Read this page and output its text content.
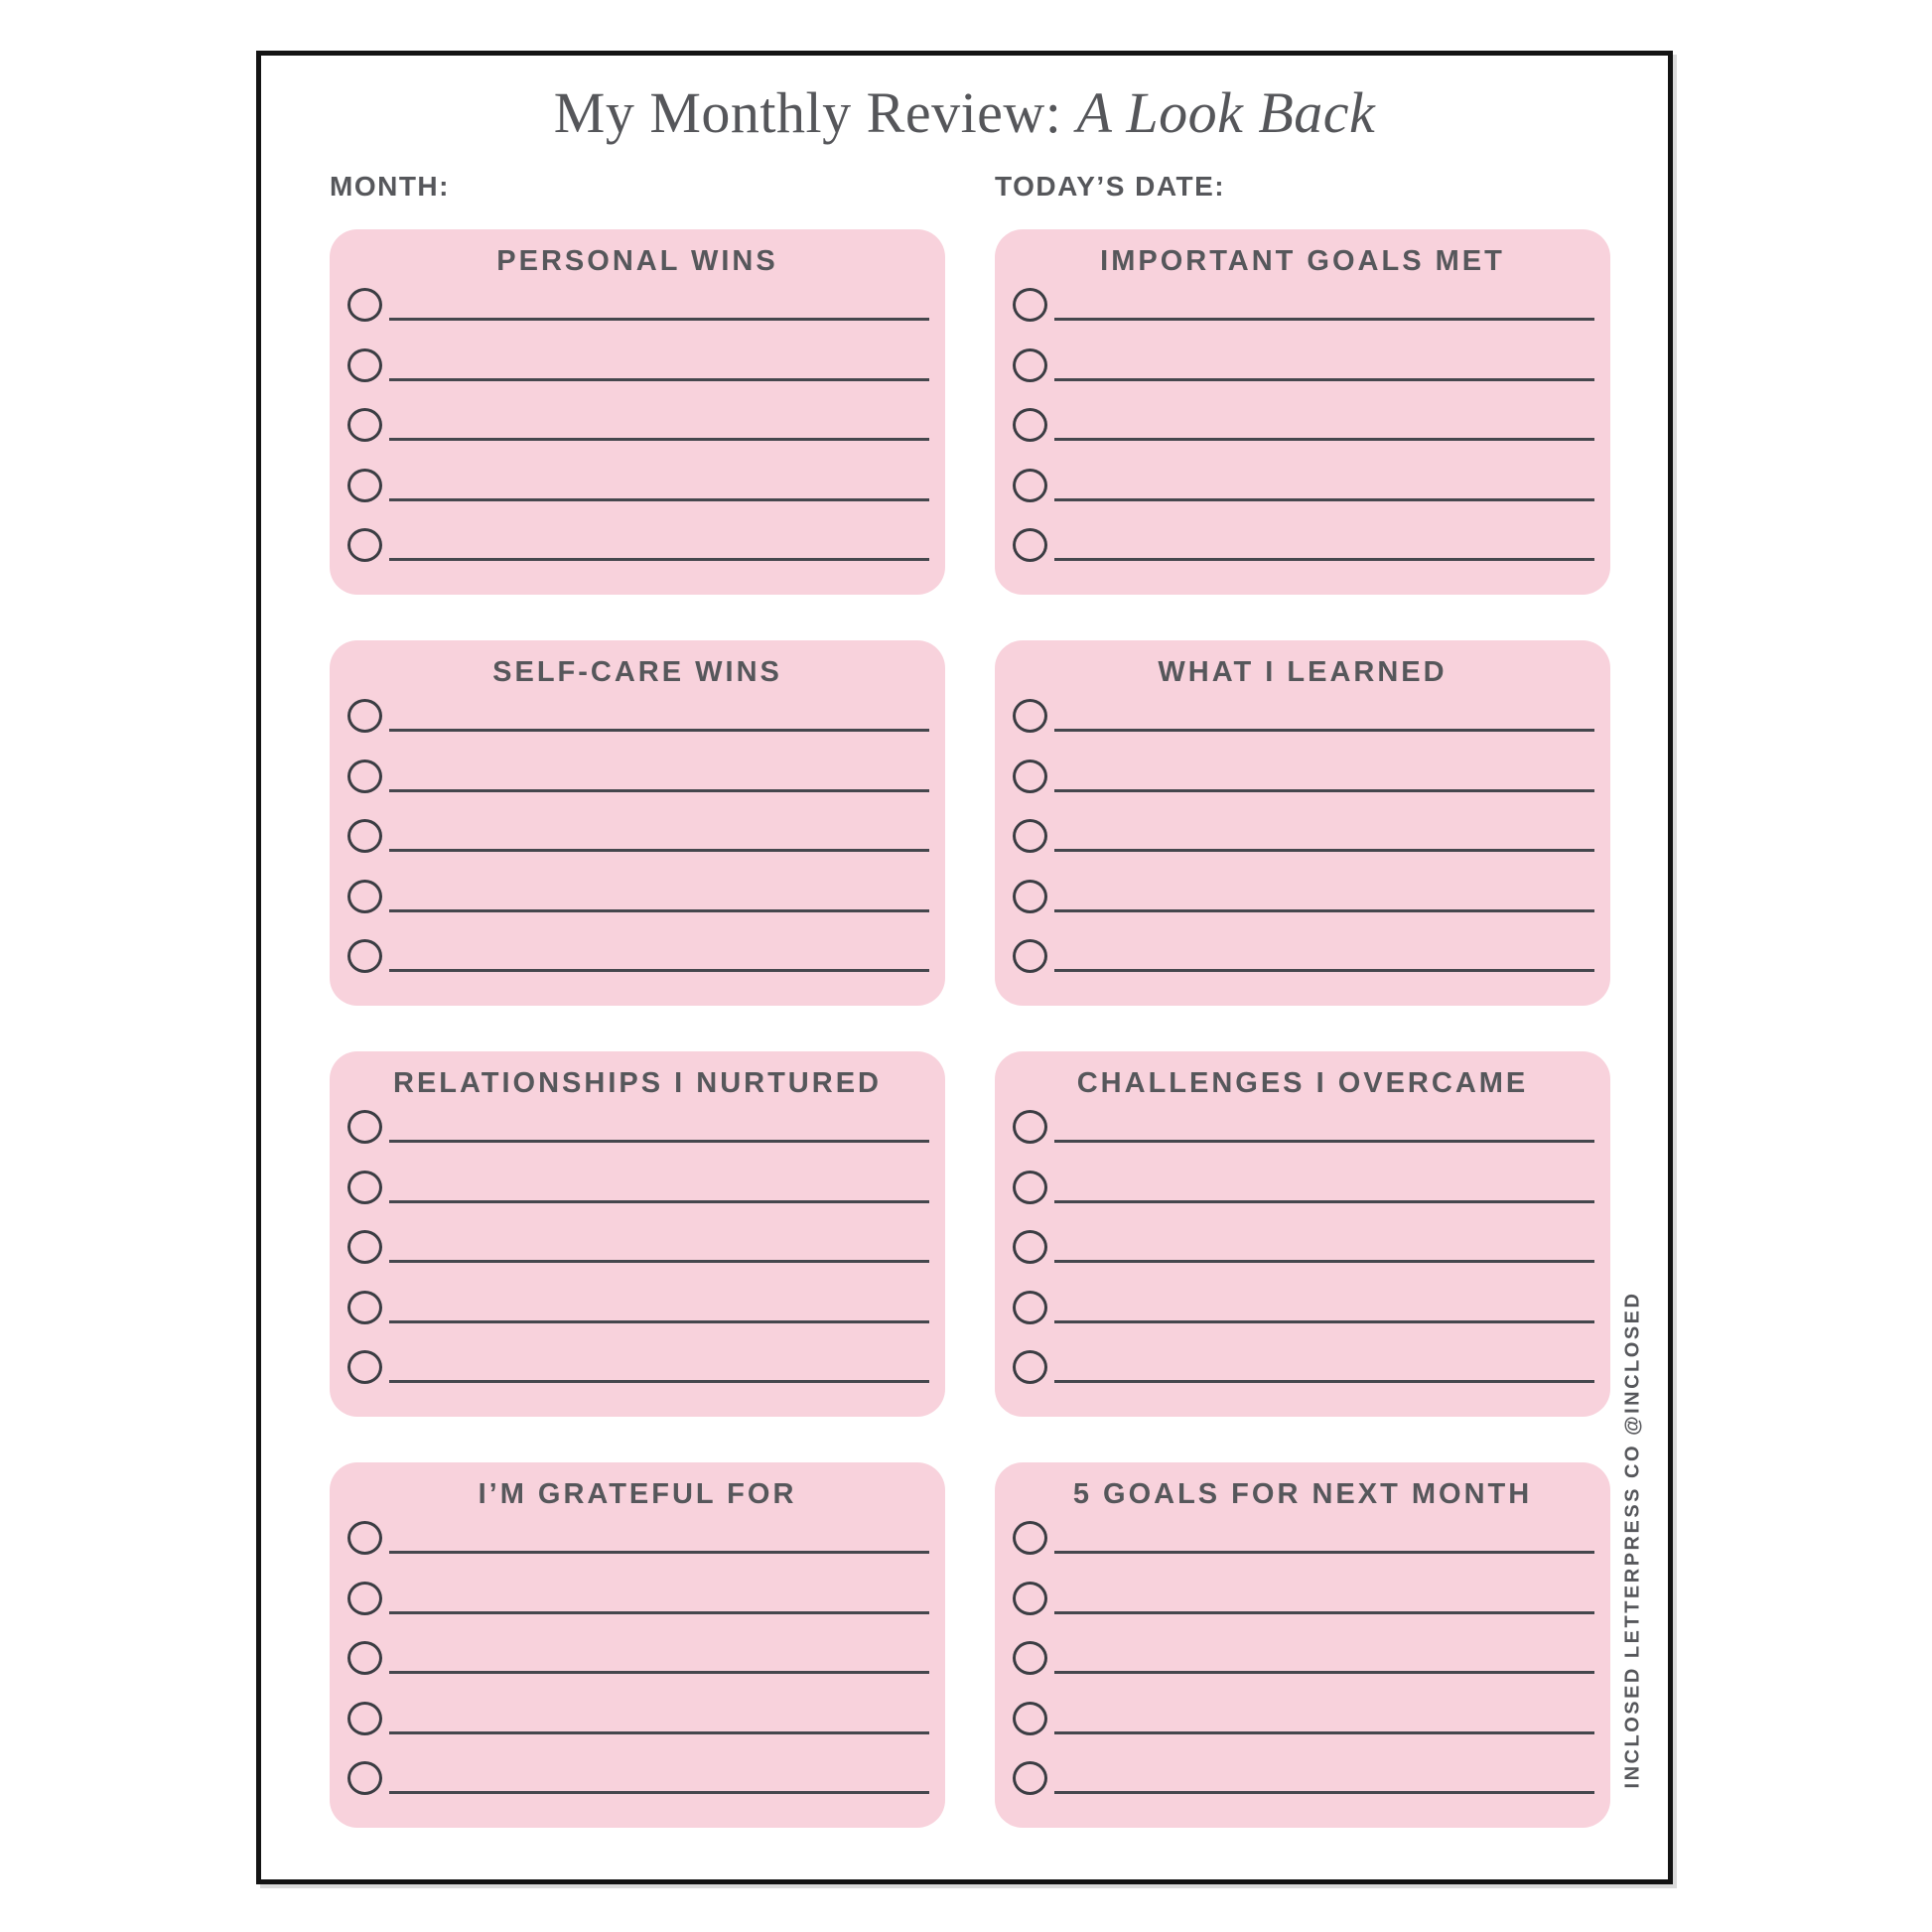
My Monthly Review: A Look Back
MONTH:	TODAY’S DATE:
PERSONAL WINS	IMPORTANT GOALS MET
SELF-CARE WINS	WHAT I LEARNED
RELATIONSHIPS I NURTURED	CHALLENGES I OVERCAME
I’M GRATEFUL FOR	5 GOALS FOR NEXT MONTH	INCLOSED LETTERPRESS CO @INCLOSED
